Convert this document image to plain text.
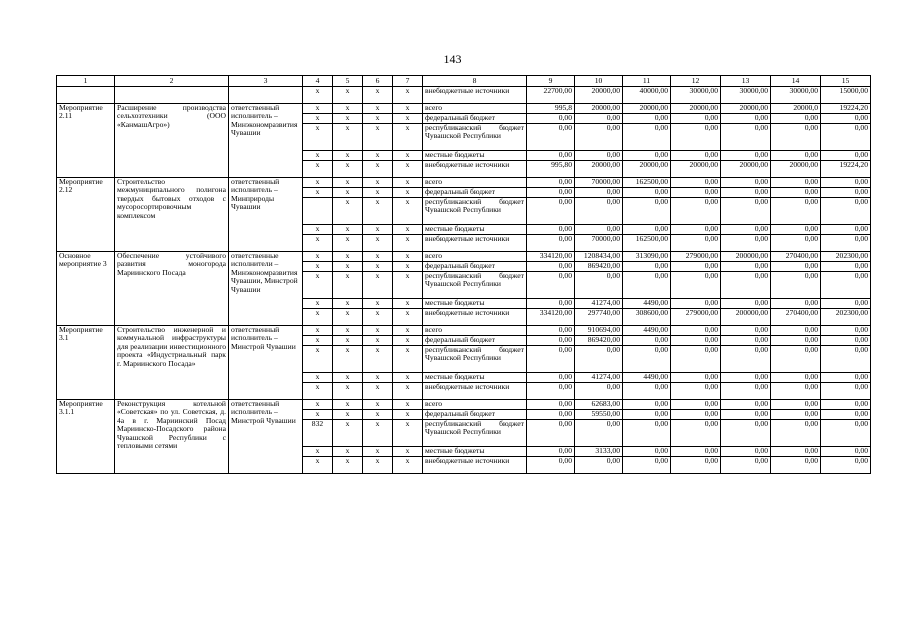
143
1	2	3	4	5	6	7	8	9	10	11	12	13	14	15
			x	x	x	x	внебюджетные источники	22700,00	20000,00	40000,00	30000,00	30000,00	30000,00	15000,00
Мероприятие 2.11	Расширение производства сельхозтехники (ООО «КанмашАгро»)	ответственный исполнитель – Минэкономразвития Чувашии	x	x	x	x	всего	995,8	20000,00	20000,00	20000,00	20000,00	20000,0	19224,20
			x	x	x	x	федеральный бюджет	0,00	0,00	0,00	0,00	0,00	0,00	0,00
			x	x	x	x	республиканский бюджет Чувашской Республики	0,00	0,00	0,00	0,00	0,00	0,00	0,00
			x	x	x	x	местные бюджеты	0,00	0,00	0,00	0,00	0,00	0,00	0,00
			x	x	x	x	внебюджетные источники	995,80	20000,00	20000,00	20000,00	20000,00	20000,00	19224,20
Мероприятие 2.12	Строительство межмуниципального полигона твердых бытовых отходов с мусоросортировочным комплексом	ответственный исполнитель – Минприроды Чувашии	x	x	x	x	всего	0,00	70000,00	162500,00	0,00	0,00	0,00	0,00
			x	x	x	x	федеральный бюджет	0,00	0,00	0,00	0,00	0,00	0,00	0,00
				x	x	x	республиканский бюджет Чувашской Республики	0,00	0,00	0,00	0,00	0,00	0,00	0,00
			x	x	x	x	местные бюджеты	0,00	0,00	0,00	0,00	0,00	0,00	0,00
			x	x	x	x	внебюджетные источники	0,00	70000,00	162500,00	0,00	0,00	0,00	0,00
Основное мероприятие 3	Обеспечение устойчивого развития моногорода Мариинского Посада	ответственные исполнители – Минэкономразвития Чувашии, Минстрой Чувашии	x	x	x	x	всего	334120,00	1208434,00	313090,00	279000,00	200000,00	270400,00	202300,00
			x	x	x	x	федеральный бюджет	0,00	869420,00	0,00	0,00	0,00	0,00	0,00
			x	x	x	x	республиканский бюджет Чувашской Республики	0,00	0,00	0,00	0,00	0,00	0,00	0,00
			x	x	x	x	местные бюджеты	0,00	41274,00	4490,00	0,00	0,00	0,00	0,00
			x	x	x	x	внебюджетные источники	334120,00	297740,00	308600,00	279000,00	200000,00	270400,00	202300,00
Мероприятие 3.1	Строительство инженерной и коммунальной инфраструктуры для реализации инвестиционного проекта «Индустриальный парк г. Мариинского Посада»	ответственный исполнитель – Минстрой Чувашии	x	x	x	x	всего	0,00	910694,00	4490,00	0,00	0,00	0,00	0,00
			x	x	x	x	федеральный бюджет	0,00	869420,00	0,00	0,00	0,00	0,00	0,00
			x	x	x	x	республиканский бюджет Чувашской Республики	0,00	0,00	0,00	0,00	0,00	0,00	0,00
			x	x	x	x	местные бюджеты	0,00	41274,00	4490,00	0,00	0,00	0,00	0,00
			x	x	x	x	внебюджетные источники	0,00	0,00	0,00	0,00	0,00	0,00	0,00
Мероприятие 3.1.1	Реконструкция котельной «Советская» по ул. Советская, д. 4а в г. Мариинский Посад Мариинско-Посадского района Чувашской Республики с тепловыми сетями	ответственный исполнитель – Минстрой Чувашии	x	x	x	x	всего	0,00	62683,00	0,00	0,00	0,00	0,00	0,00
			x	x	x	x	федеральный бюджет	0,00	59550,00	0,00	0,00	0,00	0,00	0,00
			832	x	x	x	республиканский бюджет Чувашской Республики	0,00	0,00	0,00	0,00	0,00	0,00	0,00
			x	x	x	x	местные бюджеты	0,00	3133,00	0,00	0,00	0,00	0,00	0,00
			x	x	x	x	внебюджетные источники	0,00	0,00	0,00	0,00	0,00	0,00	0,00
